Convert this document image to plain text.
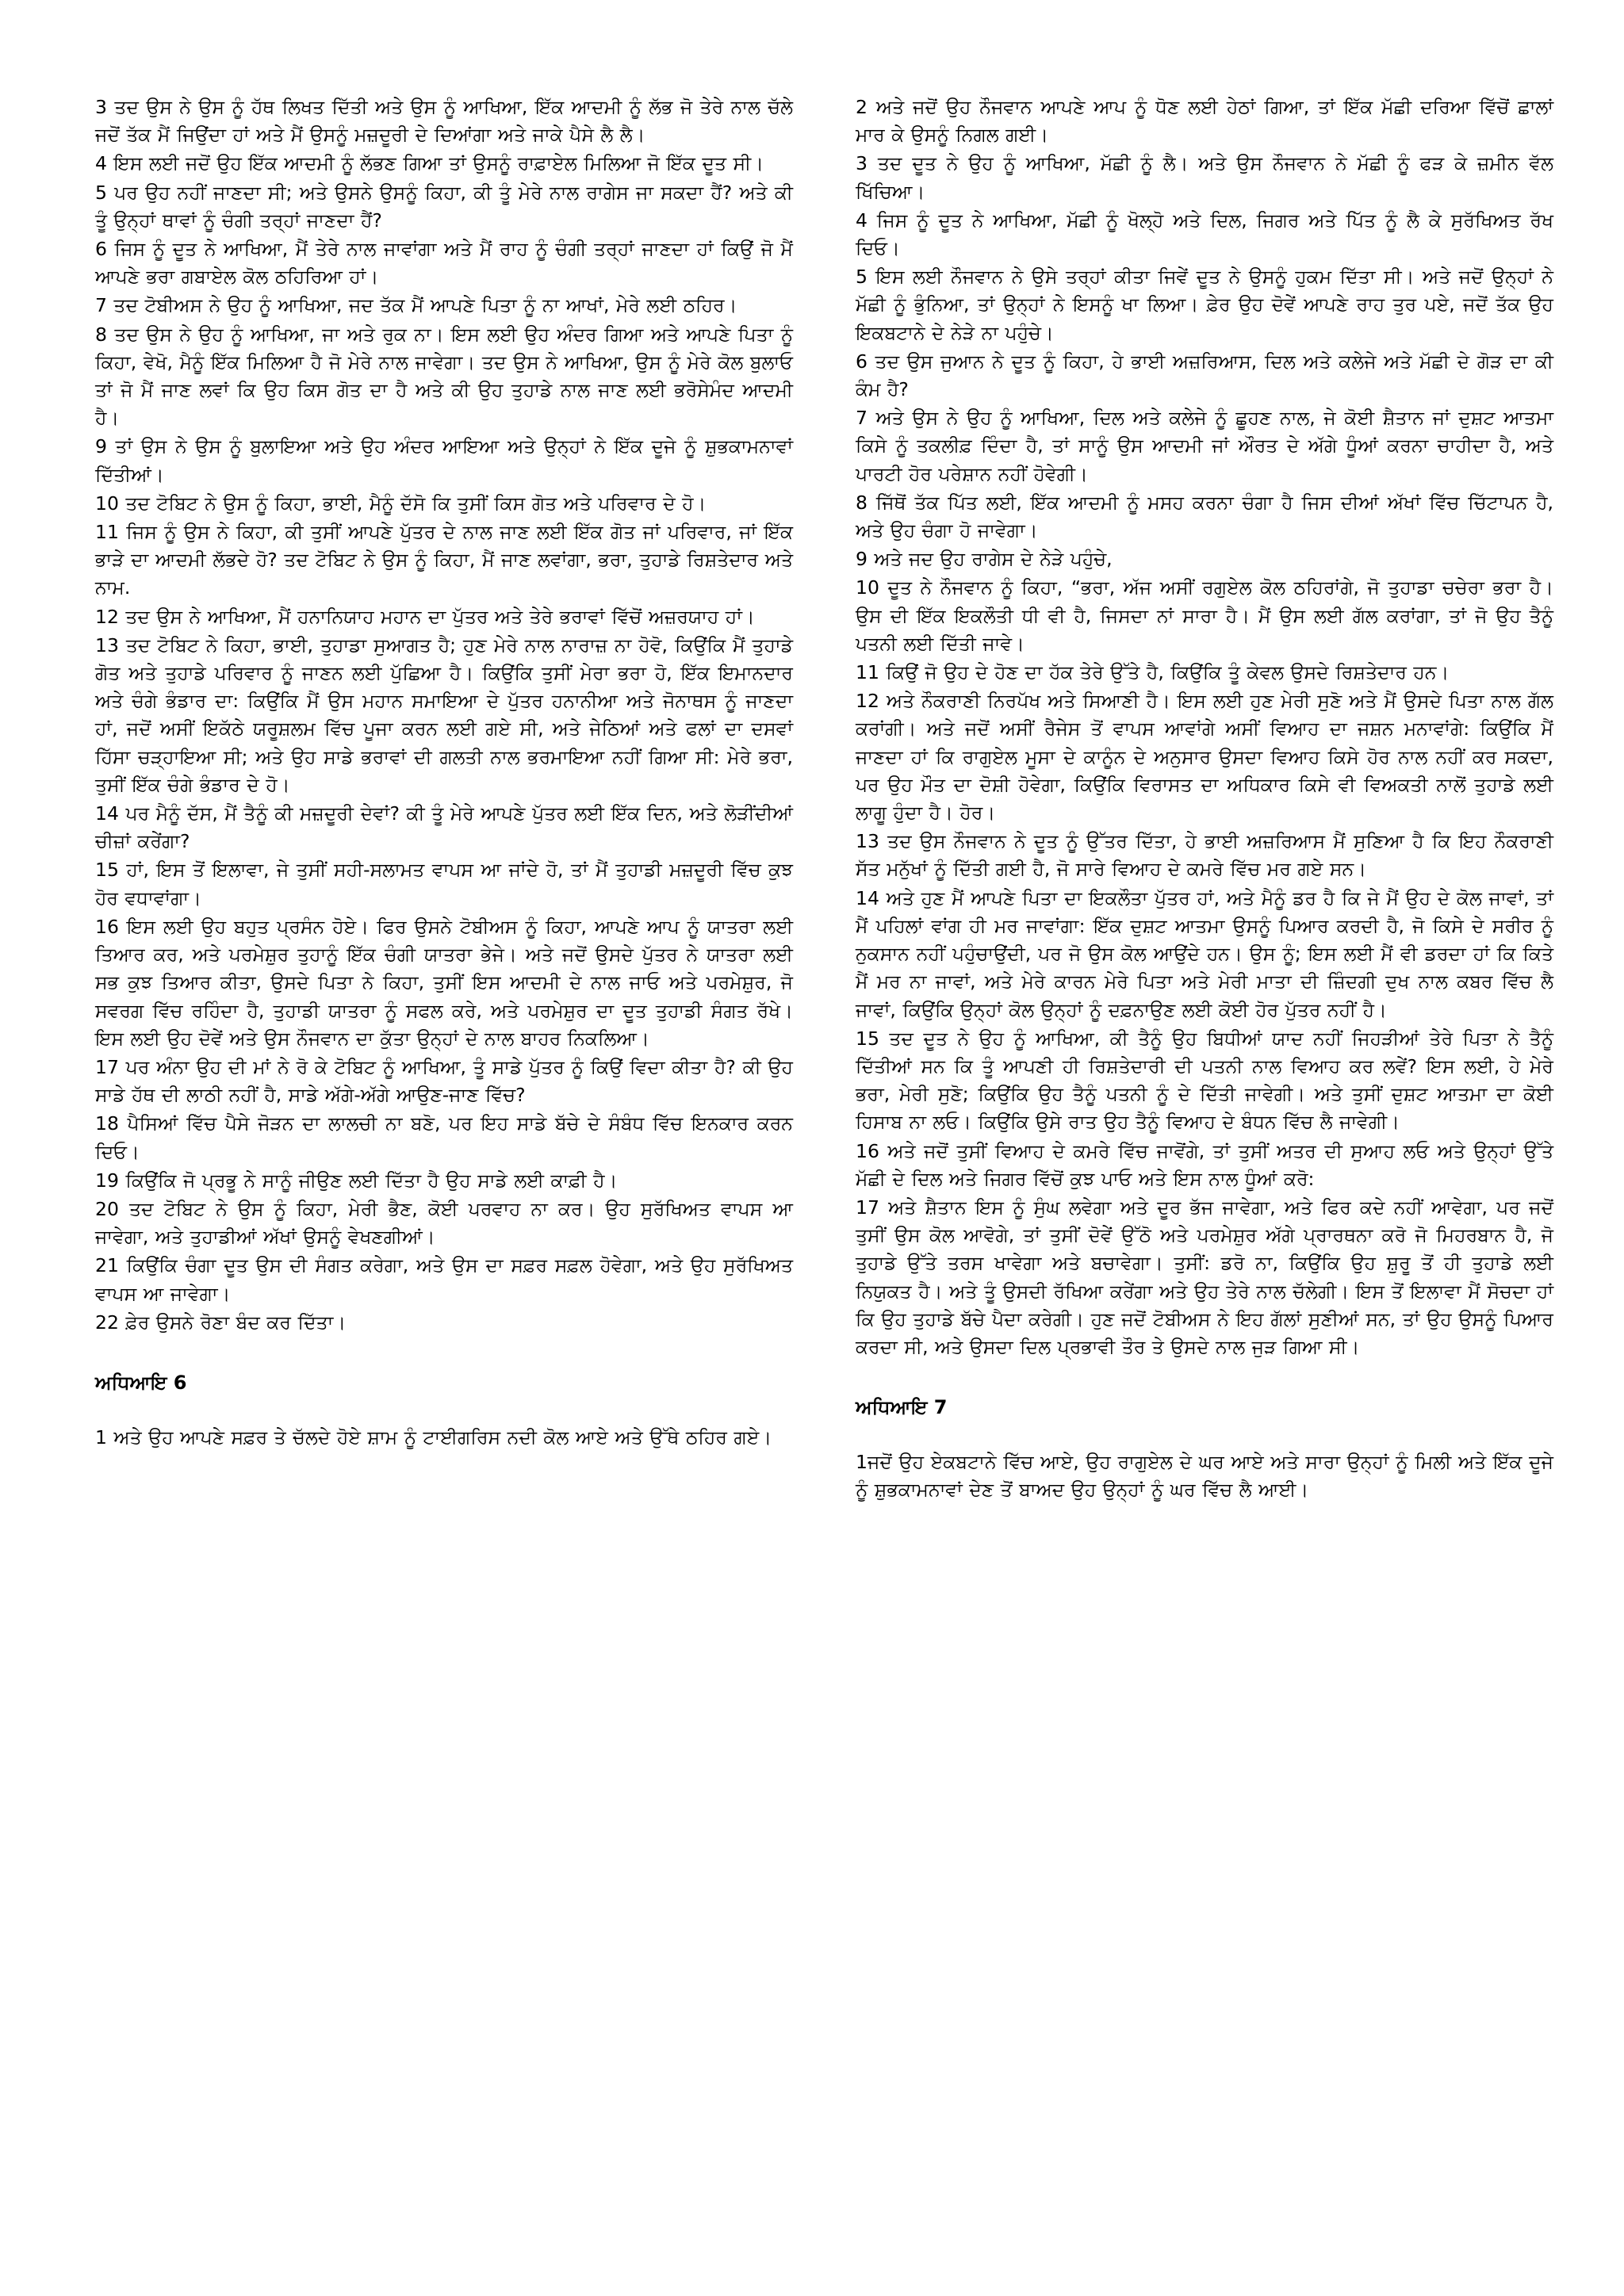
3 ਤਦ ਉਸ ਨੇ ਉਸ ਨੂੰ ਹੱਥ ਲਿਖਤ ਦਿੱਤੀ ਅਤੇ ਉਸ ਨੂੰ ਆਖਿਆ, ਇੱਕ ਆਦਮੀ ਨੂੰ ਲੱਭ ਜੋ ਤੇਰੇ ਨਾਲ ਚੱਲੇ ਜਦੋਂ ਤੱਕ ਮੈਂ ਜਿਉਂਦਾ ਹਾਂ ਅਤੇ ਮੈਂ ਉਸਨੂੰ ਮਜ਼ਦੂਰੀ ਦੇ ਦਿਆਂਗਾ ਅਤੇ ਜਾਕੇ ਪੈਸੇ ਲੈ ਲੈ।

4 ਇਸ ਲਈ ਜਦੋਂ ਉਹ ਇੱਕ ਆਦਮੀ ਨੂੰ ਲੱਭਣ ਗਿਆ ਤਾਂ ਉਸਨੂੰ ਰਾਫ਼ਾਏਲ ਮਿਲਿਆ ਜੋ ਇੱਕ ਦੂਤ ਸੀ।

5 ਪਰ ਉਹ ਨਹੀਂ ਜਾਣਦਾ ਸੀ; ਅਤੇ ਉਸਨੇ ਉਸਨੂੰ ਕਿਹਾ, ਕੀ ਤੂੰ ਮੇਰੇ ਨਾਲ ਰਾਗੇਸ ਜਾ ਸਕਦਾ ਹੈਂ? ਅਤੇ ਕੀ ਤੂੰ ਉਨ੍ਹਾਂ ਥਾਵਾਂ ਨੂੰ ਚੰਗੀ ਤਰ੍ਹਾਂ ਜਾਣਦਾ ਹੈਂ?

6 ਜਿਸ ਨੂੰ ਦੂਤ ਨੇ ਆਖਿਆ, ਮੈਂ ਤੇਰੇ ਨਾਲ ਜਾਵਾਂਗਾ ਅਤੇ ਮੈਂ ਰਾਹ ਨੂੰ ਚੰਗੀ ਤਰ੍ਹਾਂ ਜਾਣਦਾ ਹਾਂ ਕਿਉਂ ਜੋ ਮੈਂ ਆਪਣੇ ਭਰਾ ਗਬਾਏਲ ਕੋਲ ਠਹਿਰਿਆ ਹਾਂ।

7 ਤਦ ਟੋਬੀਅਸ ਨੇ ਉਹ ਨੂੰ ਆਖਿਆ, ਜਦ ਤੱਕ ਮੈਂ ਆਪਣੇ ਪਿਤਾ ਨੂੰ ਨਾ ਆਖਾਂ, ਮੇਰੇ ਲਈ ਠਹਿਰ।

8 ਤਦ ਉਸ ਨੇ ਉਹ ਨੂੰ ਆਖਿਆ, ਜਾ ਅਤੇ ਰੁਕ ਨਾ। ਇਸ ਲਈ ਉਹ ਅੰਦਰ ਗਿਆ ਅਤੇ ਆਪਣੇ ਪਿਤਾ ਨੂੰ ਕਿਹਾ, ਵੇਖੋ, ਮੈਨੂੰ ਇੱਕ ਮਿਲਿਆ ਹੈ ਜੋ ਮੇਰੇ ਨਾਲ ਜਾਵੇਗਾ। ਤਦ ਉਸ ਨੇ ਆਖਿਆ, ਉਸ ਨੂੰ ਮੇਰੇ ਕੋਲ ਬੁਲਾਓ ਤਾਂ ਜੋ ਮੈਂ ਜਾਣ ਲਵਾਂ ਕਿ ਉਹ ਕਿਸ ਗੋਤ ਦਾ ਹੈ ਅਤੇ ਕੀ ਉਹ ਤੁਹਾਡੇ ਨਾਲ ਜਾਣ ਲਈ ਭਰੋਸੇਮੰਦ ਆਦਮੀ ਹੈ।

9 ਤਾਂ ਉਸ ਨੇ ਉਸ ਨੂੰ ਬੁਲਾਇਆ ਅਤੇ ਉਹ ਅੰਦਰ ਆਇਆ ਅਤੇ ਉਨ੍ਹਾਂ ਨੇ ਇੱਕ ਦੂਜੇ ਨੂੰ ਸ਼ੁਭਕਾਮਨਾਵਾਂ ਦਿੱਤੀਆਂ।

10 ਤਦ ਟੋਬਿਟ ਨੇ ਉਸ ਨੂੰ ਕਿਹਾ, ਭਾਈ, ਮੈਨੂੰ ਦੱਸੋ ਕਿ ਤੁਸੀਂ ਕਿਸ ਗੋਤ ਅਤੇ ਪਰਿਵਾਰ ਦੇ ਹੋ।

11 ਜਿਸ ਨੂੰ ਉਸ ਨੇ ਕਿਹਾ, ਕੀ ਤੁਸੀਂ ਆਪਣੇ ਪੁੱਤਰ ਦੇ ਨਾਲ ਜਾਣ ਲਈ ਇੱਕ ਗੋਤ ਜਾਂ ਪਰਿਵਾਰ, ਜਾਂ ਇੱਕ ਭਾੜੇ ਦਾ ਆਦਮੀ ਲੱਭਦੇ ਹੋ? ਤਦ ਟੋਬਿਟ ਨੇ ਉਸ ਨੂੰ ਕਿਹਾ, ਮੈਂ ਜਾਣ ਲਵਾਂਗਾ, ਭਰਾ, ਤੁਹਾਡੇ ਰਿਸ਼ਤੇਦਾਰ ਅਤੇ ਨਾਮ.

12 ਤਦ ਉਸ ਨੇ ਆਖਿਆ, ਮੈਂ ਹਨਾਨਿਯਾਹ ਮਹਾਨ ਦਾ ਪੁੱਤਰ ਅਤੇ ਤੇਰੇ ਭਰਾਵਾਂ ਵਿੱਚੋਂ ਅਜ਼ਰਯਾਹ ਹਾਂ।

13 ਤਦ ਟੋਬਿਟ ਨੇ ਕਿਹਾ, ਭਾਈ, ਤੁਹਾਡਾ ਸੁਆਗਤ ਹੈ; ਹੁਣ ਮੇਰੇ ਨਾਲ ਨਾਰਾਜ਼ ਨਾ ਹੋਵੋ, ਕਿਉਂਕਿ ਮੈਂ ਤੁਹਾਡੇ ਗੋਤ ਅਤੇ ਤੁਹਾਡੇ ਪਰਿਵਾਰ ਨੂੰ ਜਾਣਨ ਲਈ ਪੁੱਛਿਆ ਹੈ। ਕਿਉਂਕਿ ਤੁਸੀਂ ਮੇਰਾ ਭਰਾ ਹੋ, ਇੱਕ ਇਮਾਨਦਾਰ ਅਤੇ ਚੰਗੇ ਭੰਡਾਰ ਦਾ: ਕਿਉਂਕਿ ਮੈਂ ਉਸ ਮਹਾਨ ਸਮਾਇਆ ਦੇ ਪੁੱਤਰ ਹਨਾਨੀਆ ਅਤੇ ਜੋਨਾਥਸ ਨੂੰ ਜਾਣਦਾ ਹਾਂ, ਜਦੋਂ ਅਸੀਂ ਇਕੱਠੇ ਯਰੂਸ਼ਲਮ ਵਿੱਚ ਪੂਜਾ ਕਰਨ ਲਈ ਗਏ ਸੀ, ਅਤੇ ਜੇਠਿਆਂ ਅਤੇ ਫਲਾਂ ਦਾ ਦਸਵਾਂ ਹਿੱਸਾ ਚੜ੍ਹਾਇਆ ਸੀ; ਅਤੇ ਉਹ ਸਾਡੇ ਭਰਾਵਾਂ ਦੀ ਗਲਤੀ ਨਾਲ ਭਰਮਾਇਆ ਨਹੀਂ ਗਿਆ ਸੀ: ਮੇਰੇ ਭਰਾ, ਤੁਸੀਂ ਇੱਕ ਚੰਗੇ ਭੰਡਾਰ ਦੇ ਹੋ।

14 ਪਰ ਮੈਨੂੰ ਦੱਸ, ਮੈਂ ਤੈਨੂੰ ਕੀ ਮਜ਼ਦੂਰੀ ਦੇਵਾਂ? ਕੀ ਤੂੰ ਮੇਰੇ ਆਪਣੇ ਪੁੱਤਰ ਲਈ ਇੱਕ ਦਿਨ, ਅਤੇ ਲੋੜੀਂਦੀਆਂ ਚੀਜ਼ਾਂ ਕਰੇਂਗਾ?

15 ਹਾਂ, ਇਸ ਤੋਂ ਇਲਾਵਾ, ਜੇ ਤੁਸੀਂ ਸਹੀ-ਸਲਾਮਤ ਵਾਪਸ ਆ ਜਾਂਦੇ ਹੋ, ਤਾਂ ਮੈਂ ਤੁਹਾਡੀ ਮਜ਼ਦੂਰੀ ਵਿੱਚ ਕੁਝ ਹੋਰ ਵਧਾਵਾਂਗਾ।

16 ਇਸ ਲਈ ਉਹ ਬਹੁਤ ਪ੍ਰਸੰਨ ਹੋਏ। ਫਿਰ ਉਸਨੇ ਟੋਬੀਅਸ ਨੂੰ ਕਿਹਾ, ਆਪਣੇ ਆਪ ਨੂੰ ਯਾਤਰਾ ਲਈ ਤਿਆਰ ਕਰ, ਅਤੇ ਪਰਮੇਸ਼ੁਰ ਤੁਹਾਨੂੰ ਇੱਕ ਚੰਗੀ ਯਾਤਰਾ ਭੇਜੇ। ਅਤੇ ਜਦੋਂ ਉਸਦੇ ਪੁੱਤਰ ਨੇ ਯਾਤਰਾ ਲਈ ਸਭ ਕੁਝ ਤਿਆਰ ਕੀਤਾ, ਉਸਦੇ ਪਿਤਾ ਨੇ ਕਿਹਾ, ਤੁਸੀਂ ਇਸ ਆਦਮੀ ਦੇ ਨਾਲ ਜਾਓ ਅਤੇ ਪਰਮੇਸ਼ੁਰ, ਜੋ ਸਵਰਗ ਵਿੱਚ ਰਹਿੰਦਾ ਹੈ, ਤੁਹਾਡੀ ਯਾਤਰਾ ਨੂੰ ਸਫਲ ਕਰੇ, ਅਤੇ ਪਰਮੇਸ਼ੁਰ ਦਾ ਦੂਤ ਤੁਹਾਡੀ ਸੰਗਤ ਰੱਖੇ। ਇਸ ਲਈ ਉਹ ਦੋਵੇਂ ਅਤੇ ਉਸ ਨੌਜਵਾਨ ਦਾ ਕੁੱਤਾ ਉਨ੍ਹਾਂ ਦੇ ਨਾਲ ਬਾਹਰ ਨਿਕਲਿਆ।

17 ਪਰ ਅੰਨਾ ਉਹ ਦੀ ਮਾਂ ਨੇ ਰੋ ਕੇ ਟੋਬਿਟ ਨੂੰ ਆਖਿਆ, ਤੂੰ ਸਾਡੇ ਪੁੱਤਰ ਨੂੰ ਕਿਉਂ ਵਿਦਾ ਕੀਤਾ ਹੈ? ਕੀ ਉਹ ਸਾਡੇ ਹੱਥ ਦੀ ਲਾਠੀ ਨਹੀਂ ਹੈ, ਸਾਡੇ ਅੱਗੇ-ਅੱਗੇ ਆਉਣ-ਜਾਣ ਵਿੱਚ?

18 ਪੈਸਿਆਂ ਵਿੱਚ ਪੈਸੇ ਜੋੜਨ ਦਾ ਲਾਲਚੀ ਨਾ ਬਣੋ, ਪਰ ਇਹ ਸਾਡੇ ਬੱਚੇ ਦੇ ਸੰਬੰਧ ਵਿੱਚ ਇਨਕਾਰ ਕਰਨ ਦਿਓ।

19 ਕਿਉਂਕਿ ਜੋ ਪ੍ਰਭੂ ਨੇ ਸਾਨੂੰ ਜੀਉਣ ਲਈ ਦਿੱਤਾ ਹੈ ਉਹ ਸਾਡੇ ਲਈ ਕਾਫ਼ੀ ਹੈ।

20 ਤਦ ਟੋਬਿਟ ਨੇ ਉਸ ਨੂੰ ਕਿਹਾ, ਮੇਰੀ ਭੈਣ, ਕੋਈ ਪਰਵਾਹ ਨਾ ਕਰ। ਉਹ ਸੁਰੱਖਿਅਤ ਵਾਪਸ ਆ ਜਾਵੇਗਾ, ਅਤੇ ਤੁਹਾਡੀਆਂ ਅੱਖਾਂ ਉਸਨੂੰ ਵੇਖਣਗੀਆਂ।

21 ਕਿਉਂਕਿ ਚੰਗਾ ਦੂਤ ਉਸ ਦੀ ਸੰਗਤ ਕਰੇਗਾ, ਅਤੇ ਉਸ ਦਾ ਸਫ਼ਰ ਸਫ਼ਲ ਹੋਵੇਗਾ, ਅਤੇ ਉਹ ਸੁਰੱਖਿਅਤ ਵਾਪਸ ਆ ਜਾਵੇਗਾ।

22 ਫ਼ੇਰ ਉਸਨੇ ਰੋਣਾ ਬੰਦ ਕਰ ਦਿੱਤਾ।

ਅਧਿਆਇ 6

1 ਅਤੇ ਉਹ ਆਪਣੇ ਸਫ਼ਰ ਤੇ ਚੱਲਦੇ ਹੋਏ ਸ਼ਾਮ ਨੂੰ ਟਾਈਗਰਿਸ ਨਦੀ ਕੋਲ ਆਏ ਅਤੇ ਉੱਥੇ ਠਹਿਰ ਗਏ।

2 ਅਤੇ ਜਦੋਂ ਉਹ ਨੌਜਵਾਨ ਆਪਣੇ ਆਪ ਨੂੰ ਧੋਣ ਲਈ ਹੇਠਾਂ ਗਿਆ, ਤਾਂ ਇੱਕ ਮੱਛੀ ਦਰਿਆ ਵਿੱਚੋਂ ਛਾਲਾਂ ਮਾਰ ਕੇ ਉਸਨੂੰ ਨਿਗਲ ਗਈ।

3 ਤਦ ਦੂਤ ਨੇ ਉਹ ਨੂੰ ਆਖਿਆ, ਮੱਛੀ ਨੂੰ ਲੈ। ਅਤੇ ਉਸ ਨੌਜਵਾਨ ਨੇ ਮੱਛੀ ਨੂੰ ਫੜ ਕੇ ਜ਼ਮੀਨ ਵੱਲ ਖਿੱਚਿਆ।

4 ਜਿਸ ਨੂੰ ਦੂਤ ਨੇ ਆਖਿਆ, ਮੱਛੀ ਨੂੰ ਖੋਲ੍ਹੋ ਅਤੇ ਦਿਲ, ਜਿਗਰ ਅਤੇ ਪਿੱਤ ਨੂੰ ਲੈ ਕੇ ਸੁਰੱਖਿਅਤ ਰੱਖ ਦਿਓ।

5 ਇਸ ਲਈ ਨੌਜਵਾਨ ਨੇ ਉਸੇ ਤਰ੍ਹਾਂ ਕੀਤਾ ਜਿਵੇਂ ਦੂਤ ਨੇ ਉਸਨੂੰ ਹੁਕਮ ਦਿੱਤਾ ਸੀ। ਅਤੇ ਜਦੋਂ ਉਨ੍ਹਾਂ ਨੇ ਮੱਛੀ ਨੂੰ ਭੁੰਨਿਆ, ਤਾਂ ਉਨ੍ਹਾਂ ਨੇ ਇਸਨੂੰ ਖਾ ਲਿਆ। ਫ਼ੇਰ ਉਹ ਦੋਵੇਂ ਆਪਣੇ ਰਾਹ ਤੁਰ ਪਏ, ਜਦੋਂ ਤੱਕ ਉਹ ਇਕਬਟਾਨੇ ਦੇ ਨੇੜੇ ਨਾ ਪਹੁੰਚੇ।

6 ਤਦ ਉਸ ਜੁਆਨ ਨੇ ਦੂਤ ਨੂੰ ਕਿਹਾ, ਹੇ ਭਾਈ ਅਜ਼ਰਿਆਸ, ਦਿਲ ਅਤੇ ਕਲੇਜੇ ਅਤੇ ਮੱਛੀ ਦੇ ਗੋੜ ਦਾ ਕੀ ਕੰਮ ਹੈ?

7 ਅਤੇ ਉਸ ਨੇ ਉਹ ਨੂੰ ਆਖਿਆ, ਦਿਲ ਅਤੇ ਕਲੇਜੇ ਨੂੰ ਛੂਹਣ ਨਾਲ, ਜੇ ਕੋਈ ਸ਼ੈਤਾਨ ਜਾਂ ਦੁਸ਼ਟ ਆਤਮਾ ਕਿਸੇ ਨੂੰ ਤਕਲੀਫ਼ ਦਿੰਦਾ ਹੈ, ਤਾਂ ਸਾਨੂੰ ਉਸ ਆਦਮੀ ਜਾਂ ਔਰਤ ਦੇ ਅੱਗੇ ਧੂੰਆਂ ਕਰਨਾ ਚਾਹੀਦਾ ਹੈ, ਅਤੇ ਪਾਰਟੀ ਹੋਰ ਪਰੇਸ਼ਾਨ ਨਹੀਂ ਹੋਵੇਗੀ।

8 ਜਿੱਥੋਂ ਤੱਕ ਪਿੱਤ ਲਈ, ਇੱਕ ਆਦਮੀ ਨੂੰ ਮਸਹ ਕਰਨਾ ਚੰਗਾ ਹੈ ਜਿਸ ਦੀਆਂ ਅੱਖਾਂ ਵਿੱਚ ਚਿੱਟਾਪਨ ਹੈ, ਅਤੇ ਉਹ ਚੰਗਾ ਹੋ ਜਾਵੇਗਾ।

9 ਅਤੇ ਜਦ ਉਹ ਰਾਗੇਸ ਦੇ ਨੇੜੇ ਪਹੁੰਚੇ,

10 ਦੂਤ ਨੇ ਨੌਜਵਾਨ ਨੂੰ ਕਿਹਾ, “ਭਰਾ, ਅੱਜ ਅਸੀਂ ਰਗੁਏਲ ਕੋਲ ਠਹਿਰਾਂਗੇ, ਜੋ ਤੁਹਾਡਾ ਚਚੇਰਾ ਭਰਾ ਹੈ। ਉਸ ਦੀ ਇੱਕ ਇਕਲੌਤੀ ਧੀ ਵੀ ਹੈ, ਜਿਸਦਾ ਨਾਂ ਸਾਰਾ ਹੈ। ਮੈਂ ਉਸ ਲਈ ਗੱਲ ਕਰਾਂਗਾ, ਤਾਂ ਜੋ ਉਹ ਤੈਨੂੰ ਪਤਨੀ ਲਈ ਦਿੱਤੀ ਜਾਵੇ।

11 ਕਿਉਂ ਜੋ ਉਹ ਦੇ ਹੋਣ ਦਾ ਹੱਕ ਤੇਰੇ ਉੱਤੇ ਹੈ, ਕਿਉਂਕਿ ਤੂੰ ਕੇਵਲ ਉਸਦੇ ਰਿਸ਼ਤੇਦਾਰ ਹਨ।

12 ਅਤੇ ਨੌਕਰਾਣੀ ਨਿਰਪੱਖ ਅਤੇ ਸਿਆਣੀ ਹੈ। ਇਸ ਲਈ ਹੁਣ ਮੇਰੀ ਸੁਣੋ ਅਤੇ ਮੈਂ ਉਸਦੇ ਪਿਤਾ ਨਾਲ ਗੱਲ ਕਰਾਂਗੀ। ਅਤੇ ਜਦੋਂ ਅਸੀਂ ਰੈਜੇਸ ਤੋਂ ਵਾਪਸ ਆਵਾਂਗੇ ਅਸੀਂ ਵਿਆਹ ਦਾ ਜਸ਼ਨ ਮਨਾਵਾਂਗੇ: ਕਿਉਂਕਿ ਮੈਂ ਜਾਣਦਾ ਹਾਂ ਕਿ ਰਾਗੁਏਲ ਮੂਸਾ ਦੇ ਕਾਨੂੰਨ ਦੇ ਅਨੁਸਾਰ ਉਸਦਾ ਵਿਆਹ ਕਿਸੇ ਹੋਰ ਨਾਲ ਨਹੀਂ ਕਰ ਸਕਦਾ, ਪਰ ਉਹ ਮੌਤ ਦਾ ਦੋਸ਼ੀ ਹੋਵੇਗਾ, ਕਿਉਂਕਿ ਵਿਰਾਸਤ ਦਾ ਅਧਿਕਾਰ ਕਿਸੇ ਵੀ ਵਿਅਕਤੀ ਨਾਲੋਂ ਤੁਹਾਡੇ ਲਈ ਲਾਗੂ ਹੁੰਦਾ ਹੈ। ਹੋਰ।

13 ਤਦ ਉਸ ਨੌਜਵਾਨ ਨੇ ਦੂਤ ਨੂੰ ਉੱਤਰ ਦਿੱਤਾ, ਹੇ ਭਾਈ ਅਜ਼ਰਿਆਸ ਮੈਂ ਸੁਣਿਆ ਹੈ ਕਿ ਇਹ ਨੌਕਰਾਣੀ ਸੱਤ ਮਨੁੱਖਾਂ ਨੂੰ ਦਿੱਤੀ ਗਈ ਹੈ, ਜੋ ਸਾਰੇ ਵਿਆਹ ਦੇ ਕਮਰੇ ਵਿੱਚ ਮਰ ਗਏ ਸਨ।

14 ਅਤੇ ਹੁਣ ਮੈਂ ਆਪਣੇ ਪਿਤਾ ਦਾ ਇਕਲੌਤਾ ਪੁੱਤਰ ਹਾਂ, ਅਤੇ ਮੈਨੂੰ ਡਰ ਹੈ ਕਿ ਜੇ ਮੈਂ ਉਹ ਦੇ ਕੋਲ ਜਾਵਾਂ, ਤਾਂ ਮੈਂ ਪਹਿਲਾਂ ਵਾਂਗ ਹੀ ਮਰ ਜਾਵਾਂਗਾ: ਇੱਕ ਦੁਸ਼ਟ ਆਤਮਾ ਉਸਨੂੰ ਪਿਆਰ ਕਰਦੀ ਹੈ, ਜੋ ਕਿਸੇ ਦੇ ਸਰੀਰ ਨੂੰ ਨੁਕਸਾਨ ਨਹੀਂ ਪਹੁੰਚਾਉਂਦੀ, ਪਰ ਜੋ ਉਸ ਕੋਲ ਆਉਂਦੇ ਹਨ। ਉਸ ਨੂੰ; ਇਸ ਲਈ ਮੈਂ ਵੀ ਡਰਦਾ ਹਾਂ ਕਿ ਕਿਤੇ ਮੈਂ ਮਰ ਨਾ ਜਾਵਾਂ, ਅਤੇ ਮੇਰੇ ਕਾਰਨ ਮੇਰੇ ਪਿਤਾ ਅਤੇ ਮੇਰੀ ਮਾਤਾ ਦੀ ਜ਼ਿੰਦਗੀ ਦੁਖ ਨਾਲ ਕਬਰ ਵਿੱਚ ਲੈ ਜਾਵਾਂ, ਕਿਉਂਕਿ ਉਨ੍ਹਾਂ ਕੋਲ ਉਨ੍ਹਾਂ ਨੂੰ ਦਫ਼ਨਾਉਣ ਲਈ ਕੋਈ ਹੋਰ ਪੁੱਤਰ ਨਹੀਂ ਹੈ।

15 ਤਦ ਦੂਤ ਨੇ ਉਹ ਨੂੰ ਆਖਿਆ, ਕੀ ਤੈਨੂੰ ਉਹ ਬਿਧੀਆਂ ਯਾਦ ਨਹੀਂ ਜਿਹੜੀਆਂ ਤੇਰੇ ਪਿਤਾ ਨੇ ਤੈਨੂੰ ਦਿੱਤੀਆਂ ਸਨ ਕਿ ਤੂੰ ਆਪਣੀ ਹੀ ਰਿਸ਼ਤੇਦਾਰੀ ਦੀ ਪਤਨੀ ਨਾਲ ਵਿਆਹ ਕਰ ਲਵੇਂ? ਇਸ ਲਈ, ਹੇ ਮੇਰੇ ਭਰਾ, ਮੇਰੀ ਸੁਣੋ; ਕਿਉਂਕਿ ਉਹ ਤੈਨੂੰ ਪਤਨੀ ਨੂੰ ਦੇ ਦਿੱਤੀ ਜਾਵੇਗੀ। ਅਤੇ ਤੁਸੀਂ ਦੁਸ਼ਟ ਆਤਮਾ ਦਾ ਕੋਈ ਹਿਸਾਬ ਨਾ ਲਓ। ਕਿਉਂਕਿ ਉਸੇ ਰਾਤ ਉਹ ਤੈਨੂੰ ਵਿਆਹ ਦੇ ਬੰਧਨ ਵਿੱਚ ਲੈ ਜਾਵੇਗੀ।

16 ਅਤੇ ਜਦੋਂ ਤੁਸੀਂ ਵਿਆਹ ਦੇ ਕਮਰੇ ਵਿੱਚ ਜਾਵੋਂਗੇ, ਤਾਂ ਤੁਸੀਂ ਅਤਰ ਦੀ ਸੁਆਹ ਲਓ ਅਤੇ ਉਨ੍ਹਾਂ ਉੱਤੇ ਮੱਛੀ ਦੇ ਦਿਲ ਅਤੇ ਜਿਗਰ ਵਿੱਚੋਂ ਕੁਝ ਪਾਓ ਅਤੇ ਇਸ ਨਾਲ ਧੂੰਆਂ ਕਰੋ:

17 ਅਤੇ ਸ਼ੈਤਾਨ ਇਸ ਨੂੰ ਸੁੰਘ ਲਵੇਗਾ ਅਤੇ ਦੂਰ ਭੱਜ ਜਾਵੇਗਾ, ਅਤੇ ਫਿਰ ਕਦੇ ਨਹੀਂ ਆਵੇਗਾ, ਪਰ ਜਦੋਂ ਤੁਸੀਂ ਉਸ ਕੋਲ ਆਵੋਗੇ, ਤਾਂ ਤੁਸੀਂ ਦੋਵੇਂ ਉੱਠੋ ਅਤੇ ਪਰਮੇਸ਼ੁਰ ਅੱਗੇ ਪ੍ਰਾਰਥਨਾ ਕਰੋ ਜੋ ਮਿਹਰਬਾਨ ਹੈ, ਜੋ ਤੁਹਾਡੇ ਉੱਤੇ ਤਰਸ ਖਾਵੇਗਾ ਅਤੇ ਬਚਾਵੇਗਾ। ਤੁਸੀਂ: ਡਰੋ ਨਾ, ਕਿਉਂਕਿ ਉਹ ਸ਼ੁਰੂ ਤੋਂ ਹੀ ਤੁਹਾਡੇ ਲਈ ਨਿਯੁਕਤ ਹੈ। ਅਤੇ ਤੂੰ ਉਸਦੀ ਰੱਖਿਆ ਕਰੇਂਗਾ ਅਤੇ ਉਹ ਤੇਰੇ ਨਾਲ ਚੱਲੇਗੀ। ਇਸ ਤੋਂ ਇਲਾਵਾ ਮੈਂ ਸੋਚਦਾ ਹਾਂ ਕਿ ਉਹ ਤੁਹਾਡੇ ਬੱਚੇ ਪੈਦਾ ਕਰੇਗੀ। ਹੁਣ ਜਦੋਂ ਟੋਬੀਅਸ ਨੇ ਇਹ ਗੱਲਾਂ ਸੁਣੀਆਂ ਸਨ, ਤਾਂ ਉਹ ਉਸਨੂੰ ਪਿਆਰ ਕਰਦਾ ਸੀ, ਅਤੇ ਉਸਦਾ ਦਿਲ ਪ੍ਰਭਾਵੀ ਤੌਰ ਤੇ ਉਸਦੇ ਨਾਲ ਜੁੜ ਗਿਆ ਸੀ।

ਅਧਿਆਇ 7

1ਜਦੋਂ ਉਹ ਏਕਬਟਾਨੇ ਵਿੱਚ ਆਏ, ਉਹ ਰਾਗੁਏਲ ਦੇ ਘਰ ਆਏ ਅਤੇ ਸਾਰਾ ਉਨ੍ਹਾਂ ਨੂੰ ਮਿਲੀ ਅਤੇ ਇੱਕ ਦੂਜੇ ਨੂੰ ਸ਼ੁਭਕਾਮਨਾਵਾਂ ਦੇਣ ਤੋਂ ਬਾਅਦ ਉਹ ਉਨ੍ਹਾਂ ਨੂੰ ਘਰ ਵਿੱਚ ਲੈ ਆਈ।
